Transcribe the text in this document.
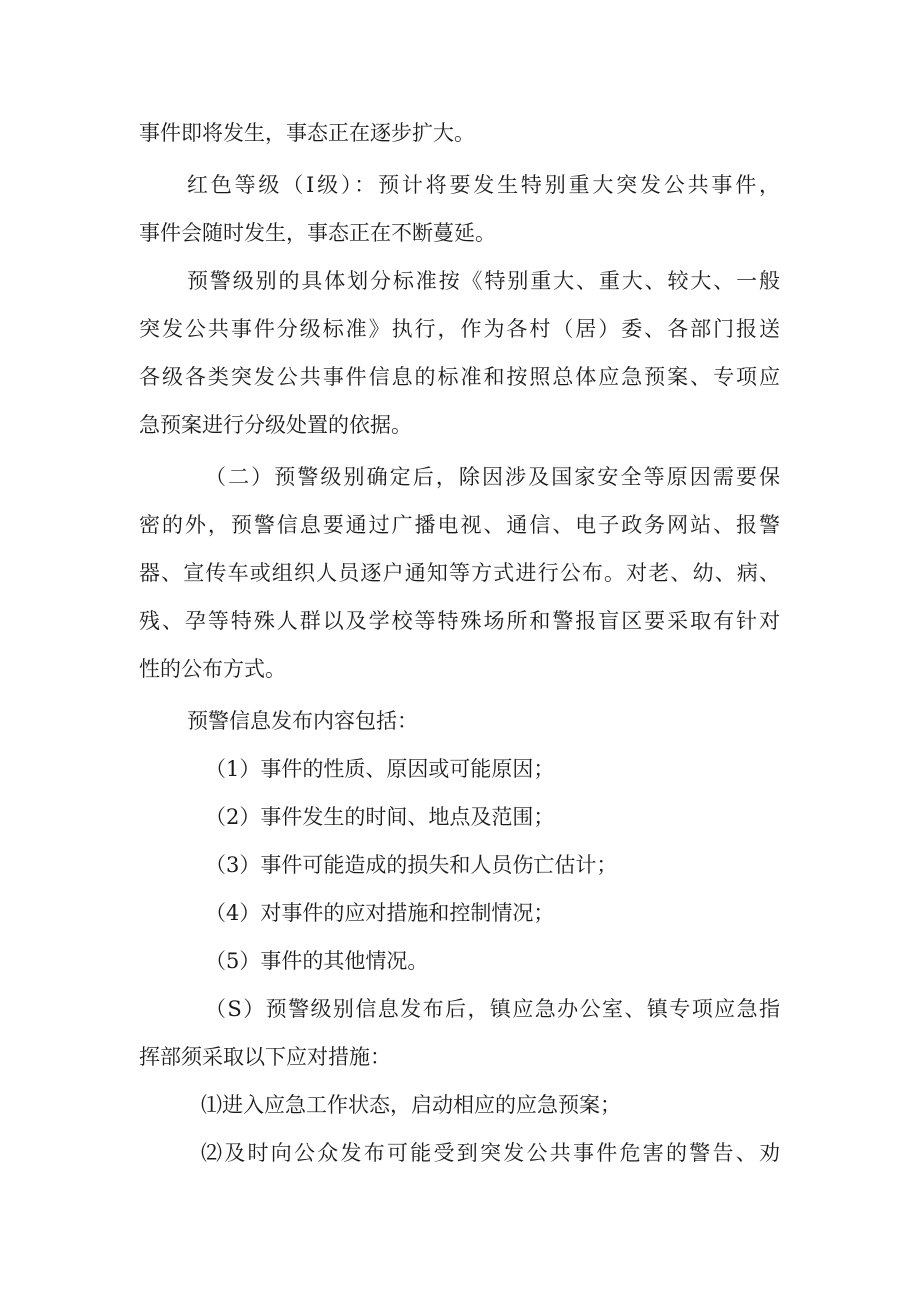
事件即将发生，事态正在逐步扩大。
红色等级（Ⅰ级）：预计将要发生特别重大突发公共事件，
事件会随时发生，事态正在不断蔓延。
预警级别的具体划分标准按《特别重大、重大、较大、一般
突发公共事件分级标准》执行，作为各村（居）委、各部门报送
各级各类突发公共事件信息的标准和按照总体应急预案、专项应
急预案进行分级处置的依据。
（二）预警级别确定后，除因涉及国家安全等原因需要保
密的外，预警信息要通过广播电视、通信、电子政务网站、报警
器、宣传车或组织人员逐户通知等方式进行公布。对老、幼、病、
残、孕等特殊人群以及学校等特殊场所和警报盲区要采取有针对
性的公布方式。
预警信息发布内容包括：
（1）事件的性质、原因或可能原因；
（2）事件发生的时间、地点及范围；
（3）事件可能造成的损失和人员伤亡估计；
（4）对事件的应对措施和控制情况；
（5）事件的其他情况。
（S）预警级别信息发布后，镇应急办公室、镇专项应急指
挥部须采取以下应对措施：
⑴进入应急工作状态，启动相应的应急预案；
⑵及时向公众发布可能受到突发公共事件危害的警告、劝
